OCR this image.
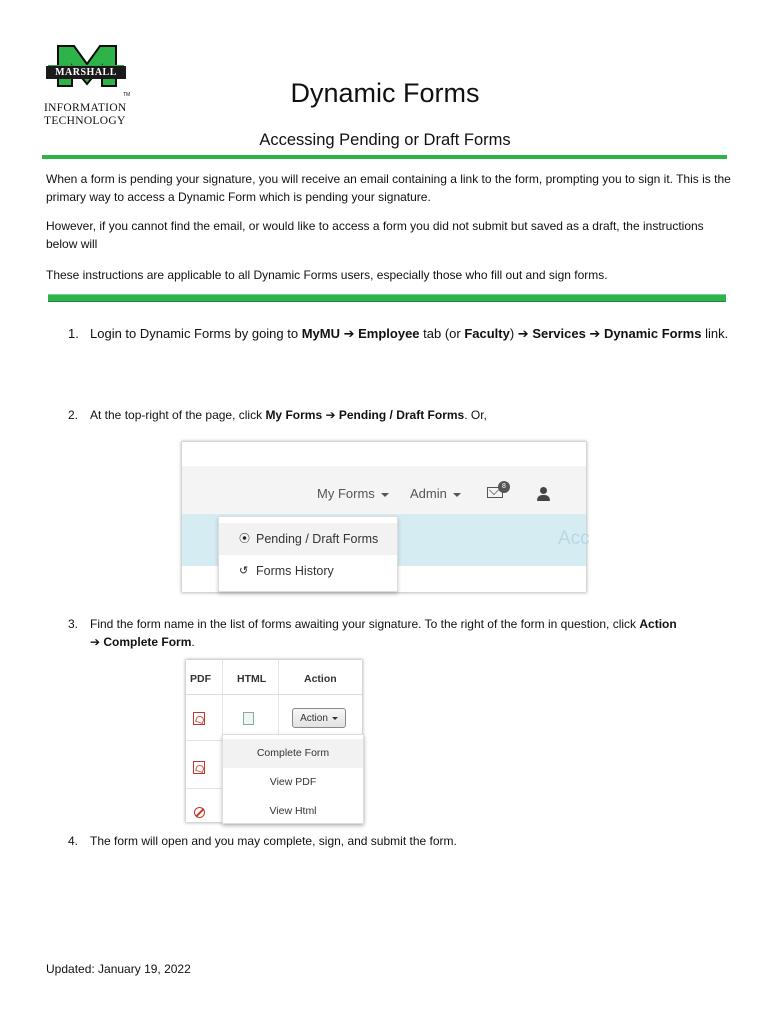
MARSHALL
TM
INFORMATION
TECHNOLOGY
Dynamic Forms
Accessing Pending or Draft Forms
When a form is pending your signature, you will receive an email containing a link to the form, prompting you to sign it. This is the primary way to access a Dynamic Form which is pending your signature.
However, if you cannot find the email, or would like to access a form you did not submit but saved as a draft, the instructions below will
These instructions are applicable to all Dynamic Forms users, especially those who fill out and sign forms.
1. Login to Dynamic Forms by going to MyMU ➔ Employee tab (or Faculty) ➔ Services ➔ Dynamic Forms link.
2. At the top-right of the page, click My Forms ➔ Pending / Draft Forms. Or,
Acc
My Forms	Admin	8
⦿ Pending / Draft Forms
↺ Forms History
3. Find the form name in the list of forms awaiting your signature. To the right of the form in question, click Action
➔ Complete Form.
PDF HTML	Action
Action
Complete Form
View PDF
View Html
4. The form will open and you may complete, sign, and submit the form.
Updated: January 19, 2022
